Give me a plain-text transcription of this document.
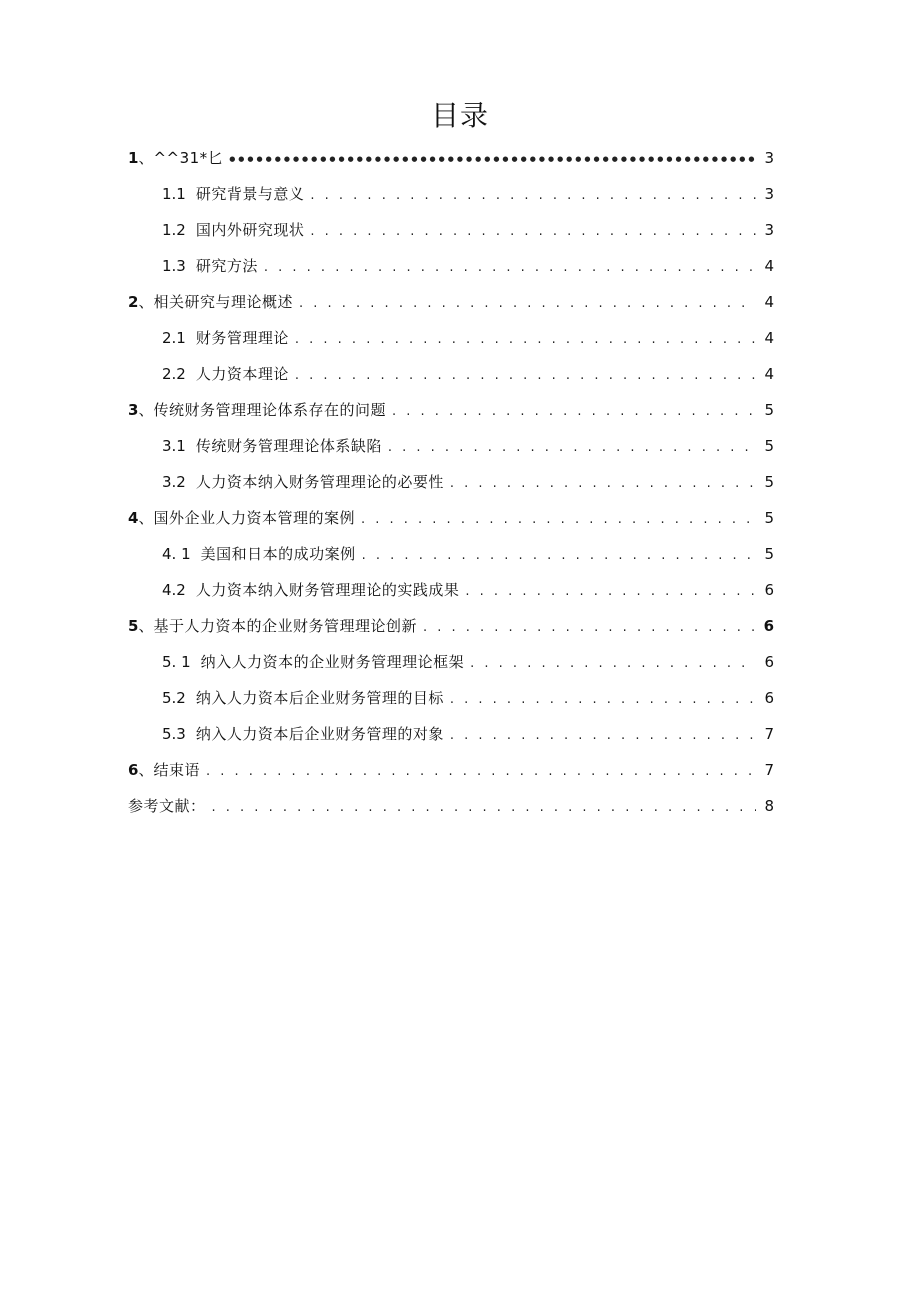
目录
1 、 ^^31*匕 ●●●●●●●●●●●●●●●●●●●●●●●●●●●●●●●●●●●●●●●●●●●●●●●●●●●●●●●●●●●●●●●●●●●●●●●●●●●●●●●●●●●●●●●●●●●	3
1.1 研究背景与意义 . . .	3
1.2 国内外研究现状 . . .	3
1.3 研究方法 . . .	4
2 、 相关研究与理论概述 . . .	4
2.1 财务管理理论 . . .	4
2.2 人力资本理论 . . .	4
3 、 传统财务管理理论体系存在的问题 . . .	5
3.1 传统财务管理理论体系缺陷 . . .	5
3.2 人力资本纳入财务管理理论的必要性 . . .	5
4 、 国外企业人力资本管理的案例 . . .	5
4. 1 美国和日本的成功案例 . . .	5
4.2 人力资本纳入财务管理理论的实践成果 . . .	6
5 、 基于人力资本的企业财务管理理论创新 . . .	6
5. 1 纳入人力资本的企业财务管理理论框架 . . .	6
5.2 纳入人力资本后企业财务管理的目标 . . .	6
5.3 纳入人力资本后企业财务管理的对象 . . .	7
6 、 结束语 . . .	7
参考文献： . . .	8
